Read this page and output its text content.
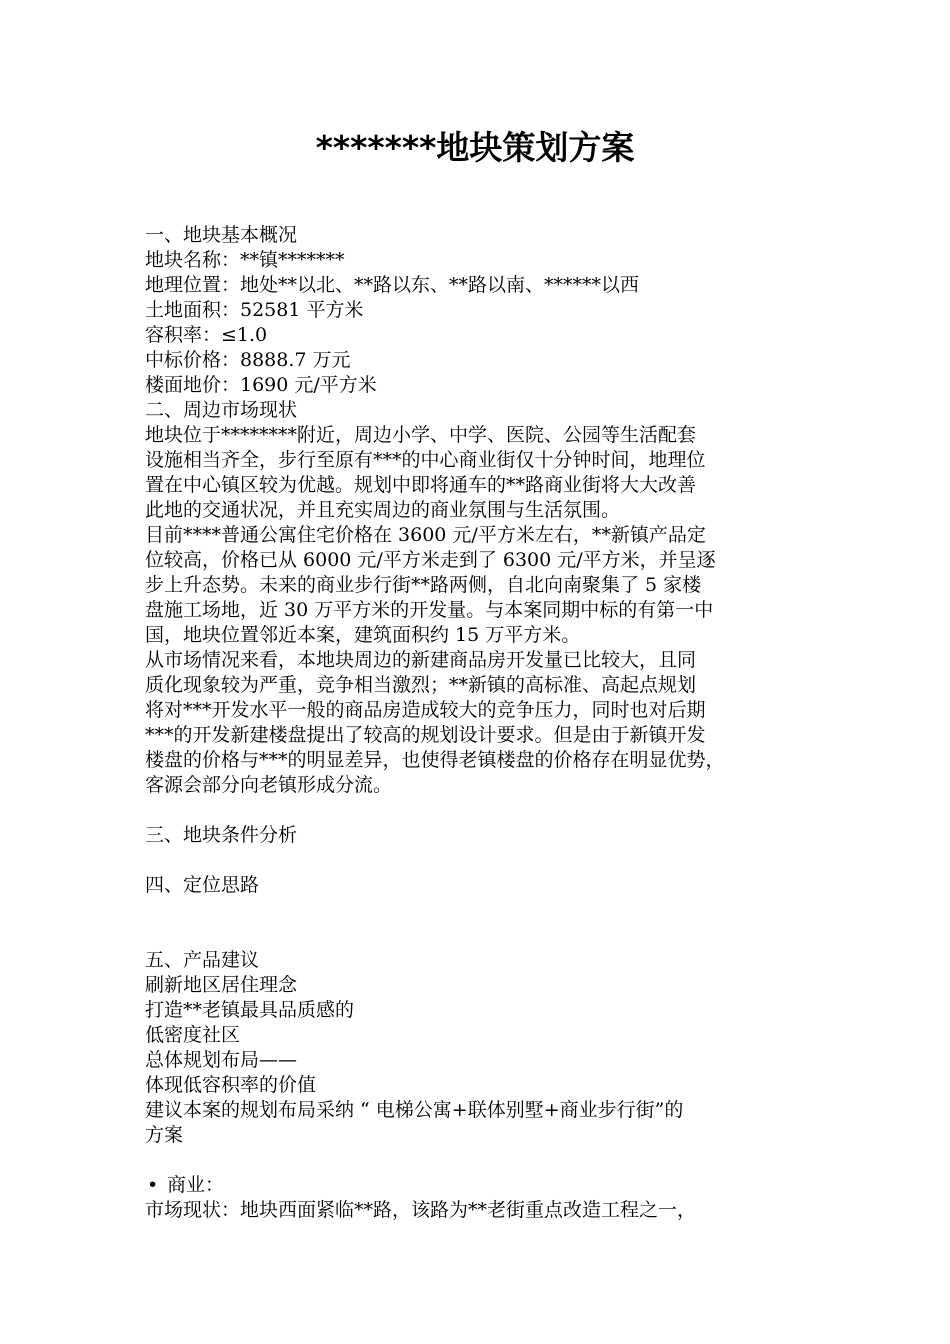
*******地块策划方案
一、地块基本概况
地块名称：**镇*******
地理位置：地处**以北、**路以东、**路以南、******以西
土地面积：52581 平方米
容积率：≤1.0
中标价格：8888.7 万元
楼面地价：1690 元/平方米
二、周边市场现状
地块位于********附近，周边小学、中学、医院、公园等生活配套
设施相当齐全，步行至原有***的中心商业街仅十分钟时间，地理位
置在中心镇区较为优越。规划中即将通车的**路商业街将大大改善
此地的交通状况，并且充实周边的商业氛围与生活氛围。
目前****普通公寓住宅价格在 3600 元/平方米左右，**新镇产品定
位较高，价格已从 6000 元/平方米走到了 6300 元/平方米，并呈逐
步上升态势。未来的商业步行街**路两侧，自北向南聚集了 5 家楼
盘施工场地，近 30 万平方米的开发量。与本案同期中标的有第一中
国，地块位置邻近本案，建筑面积约 15 万平方米。
从市场情况来看，本地块周边的新建商品房开发量已比较大，且同
质化现象较为严重，竞争相当激烈；**新镇的高标准、高起点规划
将对***开发水平一般的商品房造成较大的竞争压力，同时也对后期
***的开发新建楼盘提出了较高的规划设计要求。但是由于新镇开发
楼盘的价格与***的明显差异，也使得老镇楼盘的价格存在明显优势，
客源会部分向老镇形成分流。
三、地块条件分析
四、定位思路
五、产品建议
刷新地区居住理念
打造**老镇最具品质感的
低密度社区
总体规划布局——
体现低容积率的价值
建议本案的规划布局采纳 “ 电梯公寓+联体别墅+商业步行街”的
方案
• 商业：
市场现状：地块西面紧临**路，该路为**老街重点改造工程之一，
